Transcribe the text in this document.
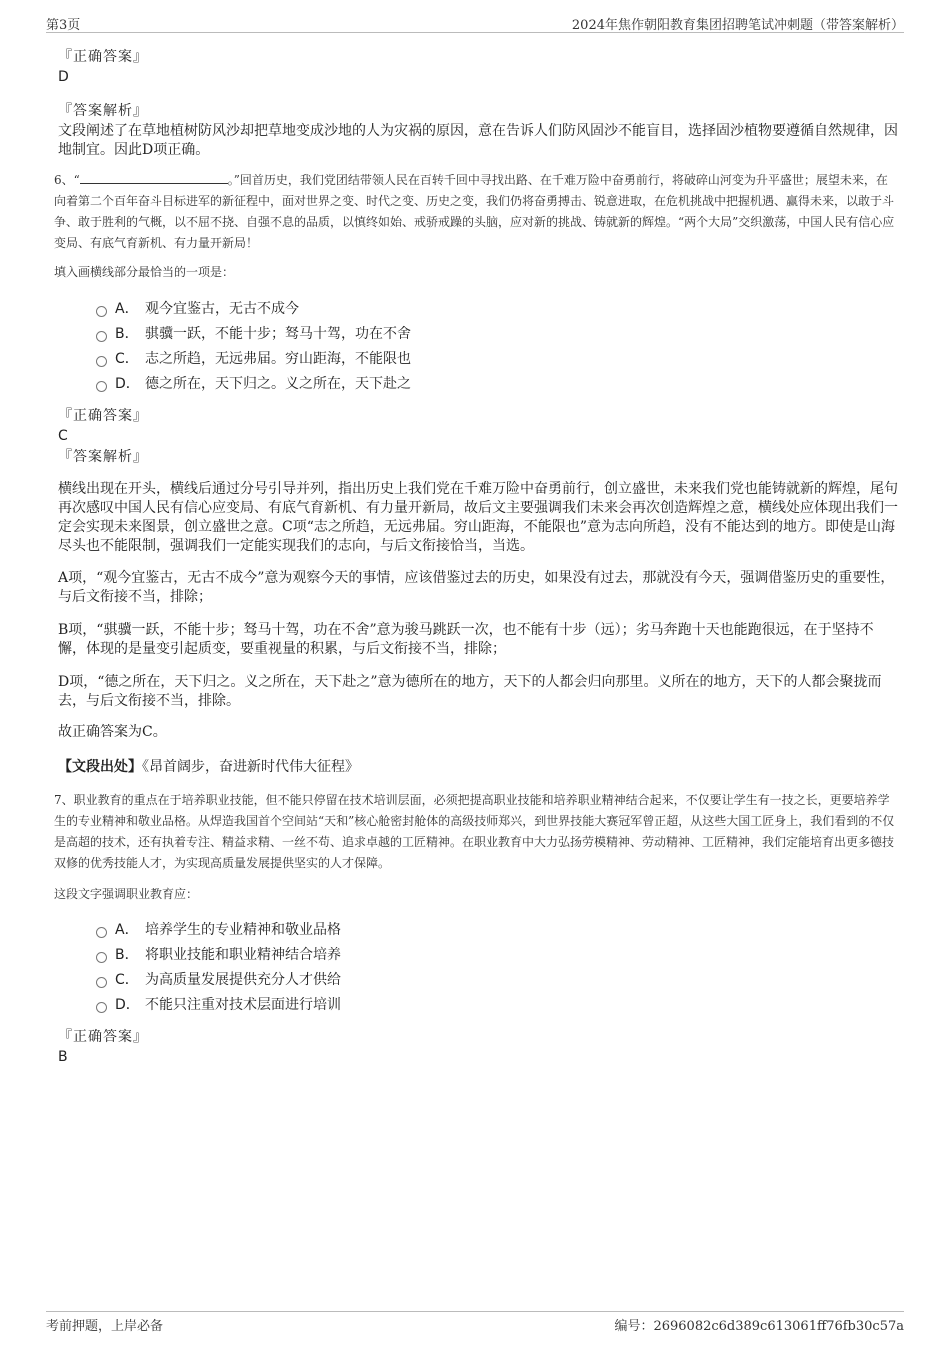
第3页	2024年焦作朝阳教育集团招聘笔试冲刺题（带答案解析）
『正确答案』
D
『答案解析』
文段阐述了在草地植树防风沙却把草地变成沙地的人为灾祸的原因，意在告诉人们防风固沙不能盲目，选择固沙植物要遵循自然规律，因地制宜。因此D项正确。
6、“	。”回首历史，我们党团结带领人民在百转千回中寻找出路、在千难万险中奋勇前行，将破碎山河变为升平盛世；展望未来，在向着第二个百年奋斗目标进军的新征程中，面对世界之变、时代之变、历史之变，我们仍将奋勇搏击、锐意进取，在危机挑战中把握机遇、赢得未来，以敢于斗争、敢于胜利的气概，以不屈不挠、自强不息的品质，以慎终如始、戒骄戒躁的头脑，应对新的挑战、铸就新的辉煌。“两个大局”交织激荡，中国人民有信心应变局、有底气育新机、有力量开新局！
填入画横线部分最恰当的一项是：
A． 观今宜鉴古，无古不成今
B． 骐骥一跃，不能十步；驽马十驾，功在不舍
C． 志之所趋，无远弗届。穷山距海，不能限也
D． 德之所在，天下归之。义之所在，天下赴之
『正确答案』
C
『答案解析』
横线出现在开头，横线后通过分号引导并列，指出历史上我们党在千难万险中奋勇前行，创立盛世，未来我们党也能铸就新的辉煌，尾句再次感叹中国人民有信心应变局、有底气育新机、有力量开新局，故后文主要强调我们未来会再次创造辉煌之意，横线处应体现出我们一定会实现未来图景，创立盛世之意。C项“志之所趋，无远弗届。穷山距海，不能限也”意为志向所趋，没有不能达到的地方。即使是山海尽头也不能限制，强调我们一定能实现我们的志向，与后文衔接恰当，当选。
A项，“观今宜鉴古，无古不成今”意为观察今天的事情，应该借鉴过去的历史，如果没有过去，那就没有今天，强调借鉴历史的重要性，与后文衔接不当，排除；
B项，“骐骥一跃，不能十步；驽马十驾，功在不舍”意为骏马跳跃一次，也不能有十步（远）；劣马奔跑十天也能跑很远，在于坚持不懈，体现的是量变引起质变，要重视量的积累，与后文衔接不当，排除；
D项，“德之所在，天下归之。义之所在，天下赴之”意为德所在的地方，天下的人都会归向那里。义所在的地方，天下的人都会聚拢而去，与后文衔接不当，排除。
故正确答案为C。
【文段出处】《昂首阔步，奋进新时代伟大征程》
7、职业教育的重点在于培养职业技能，但不能只停留在技术培训层面，必须把提高职业技能和培养职业精神结合起来，不仅要让学生有一技之长，更要培养学生的专业精神和敬业品格。从焊造我国首个空间站“天和”核心舱密封舱体的高级技师郑兴，到世界技能大赛冠军曾正超，从这些大国工匠身上，我们看到的不仅是高超的技术，还有执着专注、精益求精、一丝不苟、追求卓越的工匠精神。在职业教育中大力弘扬劳模精神、劳动精神、工匠精神，我们定能培育出更多德技双修的优秀技能人才，为实现高质量发展提供坚实的人才保障。
这段文字强调职业教育应：
A． 培养学生的专业精神和敬业品格
B． 将职业技能和职业精神结合培养
C． 为高质量发展提供充分人才供给
D． 不能只注重对技术层面进行培训
『正确答案』
B
考前押题，上岸必备	编号：2696082c6d389c613061ff76fb30c57a
